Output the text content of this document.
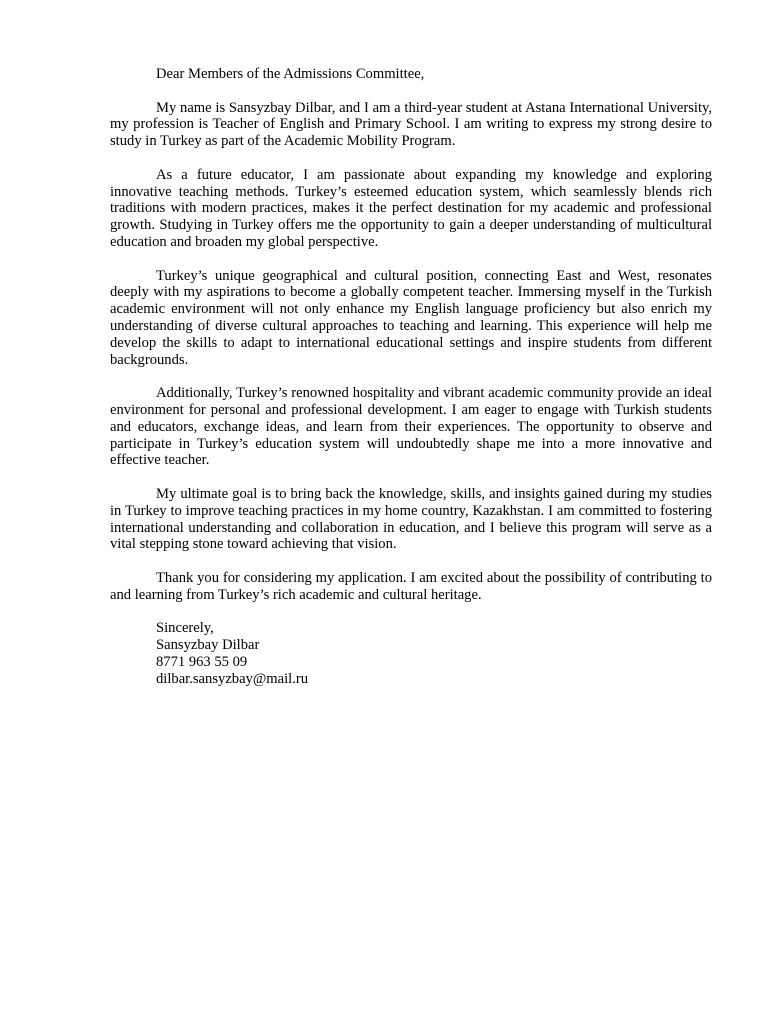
Dear Members of the Admissions Committee,

My name is Sansyzbay Dilbar, and I am a third-year student at Astana International University, my profession is Teacher of English and Primary School. I am writing to express my strong desire to study in Turkey as part of the Academic Mobility Program.

As a future educator, I am passionate about expanding my knowledge and exploring innovative teaching methods. Turkey’s esteemed education system, which seamlessly blends rich traditions with modern practices, makes it the perfect destination for my academic and professional growth. Studying in Turkey offers me the opportunity to gain a deeper understanding of multicultural education and broaden my global perspective.

Turkey’s unique geographical and cultural position, connecting East and West, resonates deeply with my aspirations to become a globally competent teacher. Immersing myself in the Turkish academic environment will not only enhance my English language proficiency but also enrich my understanding of diverse cultural approaches to teaching and learning. This experience will help me develop the skills to adapt to international educational settings and inspire students from different backgrounds.

Additionally, Turkey’s renowned hospitality and vibrant academic community provide an ideal environment for personal and professional development. I am eager to engage with Turkish students and educators, exchange ideas, and learn from their experiences. The opportunity to observe and participate in Turkey’s education system will undoubtedly shape me into a more innovative and effective teacher.

My ultimate goal is to bring back the knowledge, skills, and insights gained during my studies in Turkey to improve teaching practices in my home country, Kazakhstan. I am committed to fostering international understanding and collaboration in education, and I believe this program will serve as a vital stepping stone toward achieving that vision.

Thank you for considering my application. I am excited about the possibility of contributing to and learning from Turkey’s rich academic and cultural heritage.

Sincerely,
Sansyzbay Dilbar
8771 963 55 09
dilbar.sansyzbay@mail.ru
